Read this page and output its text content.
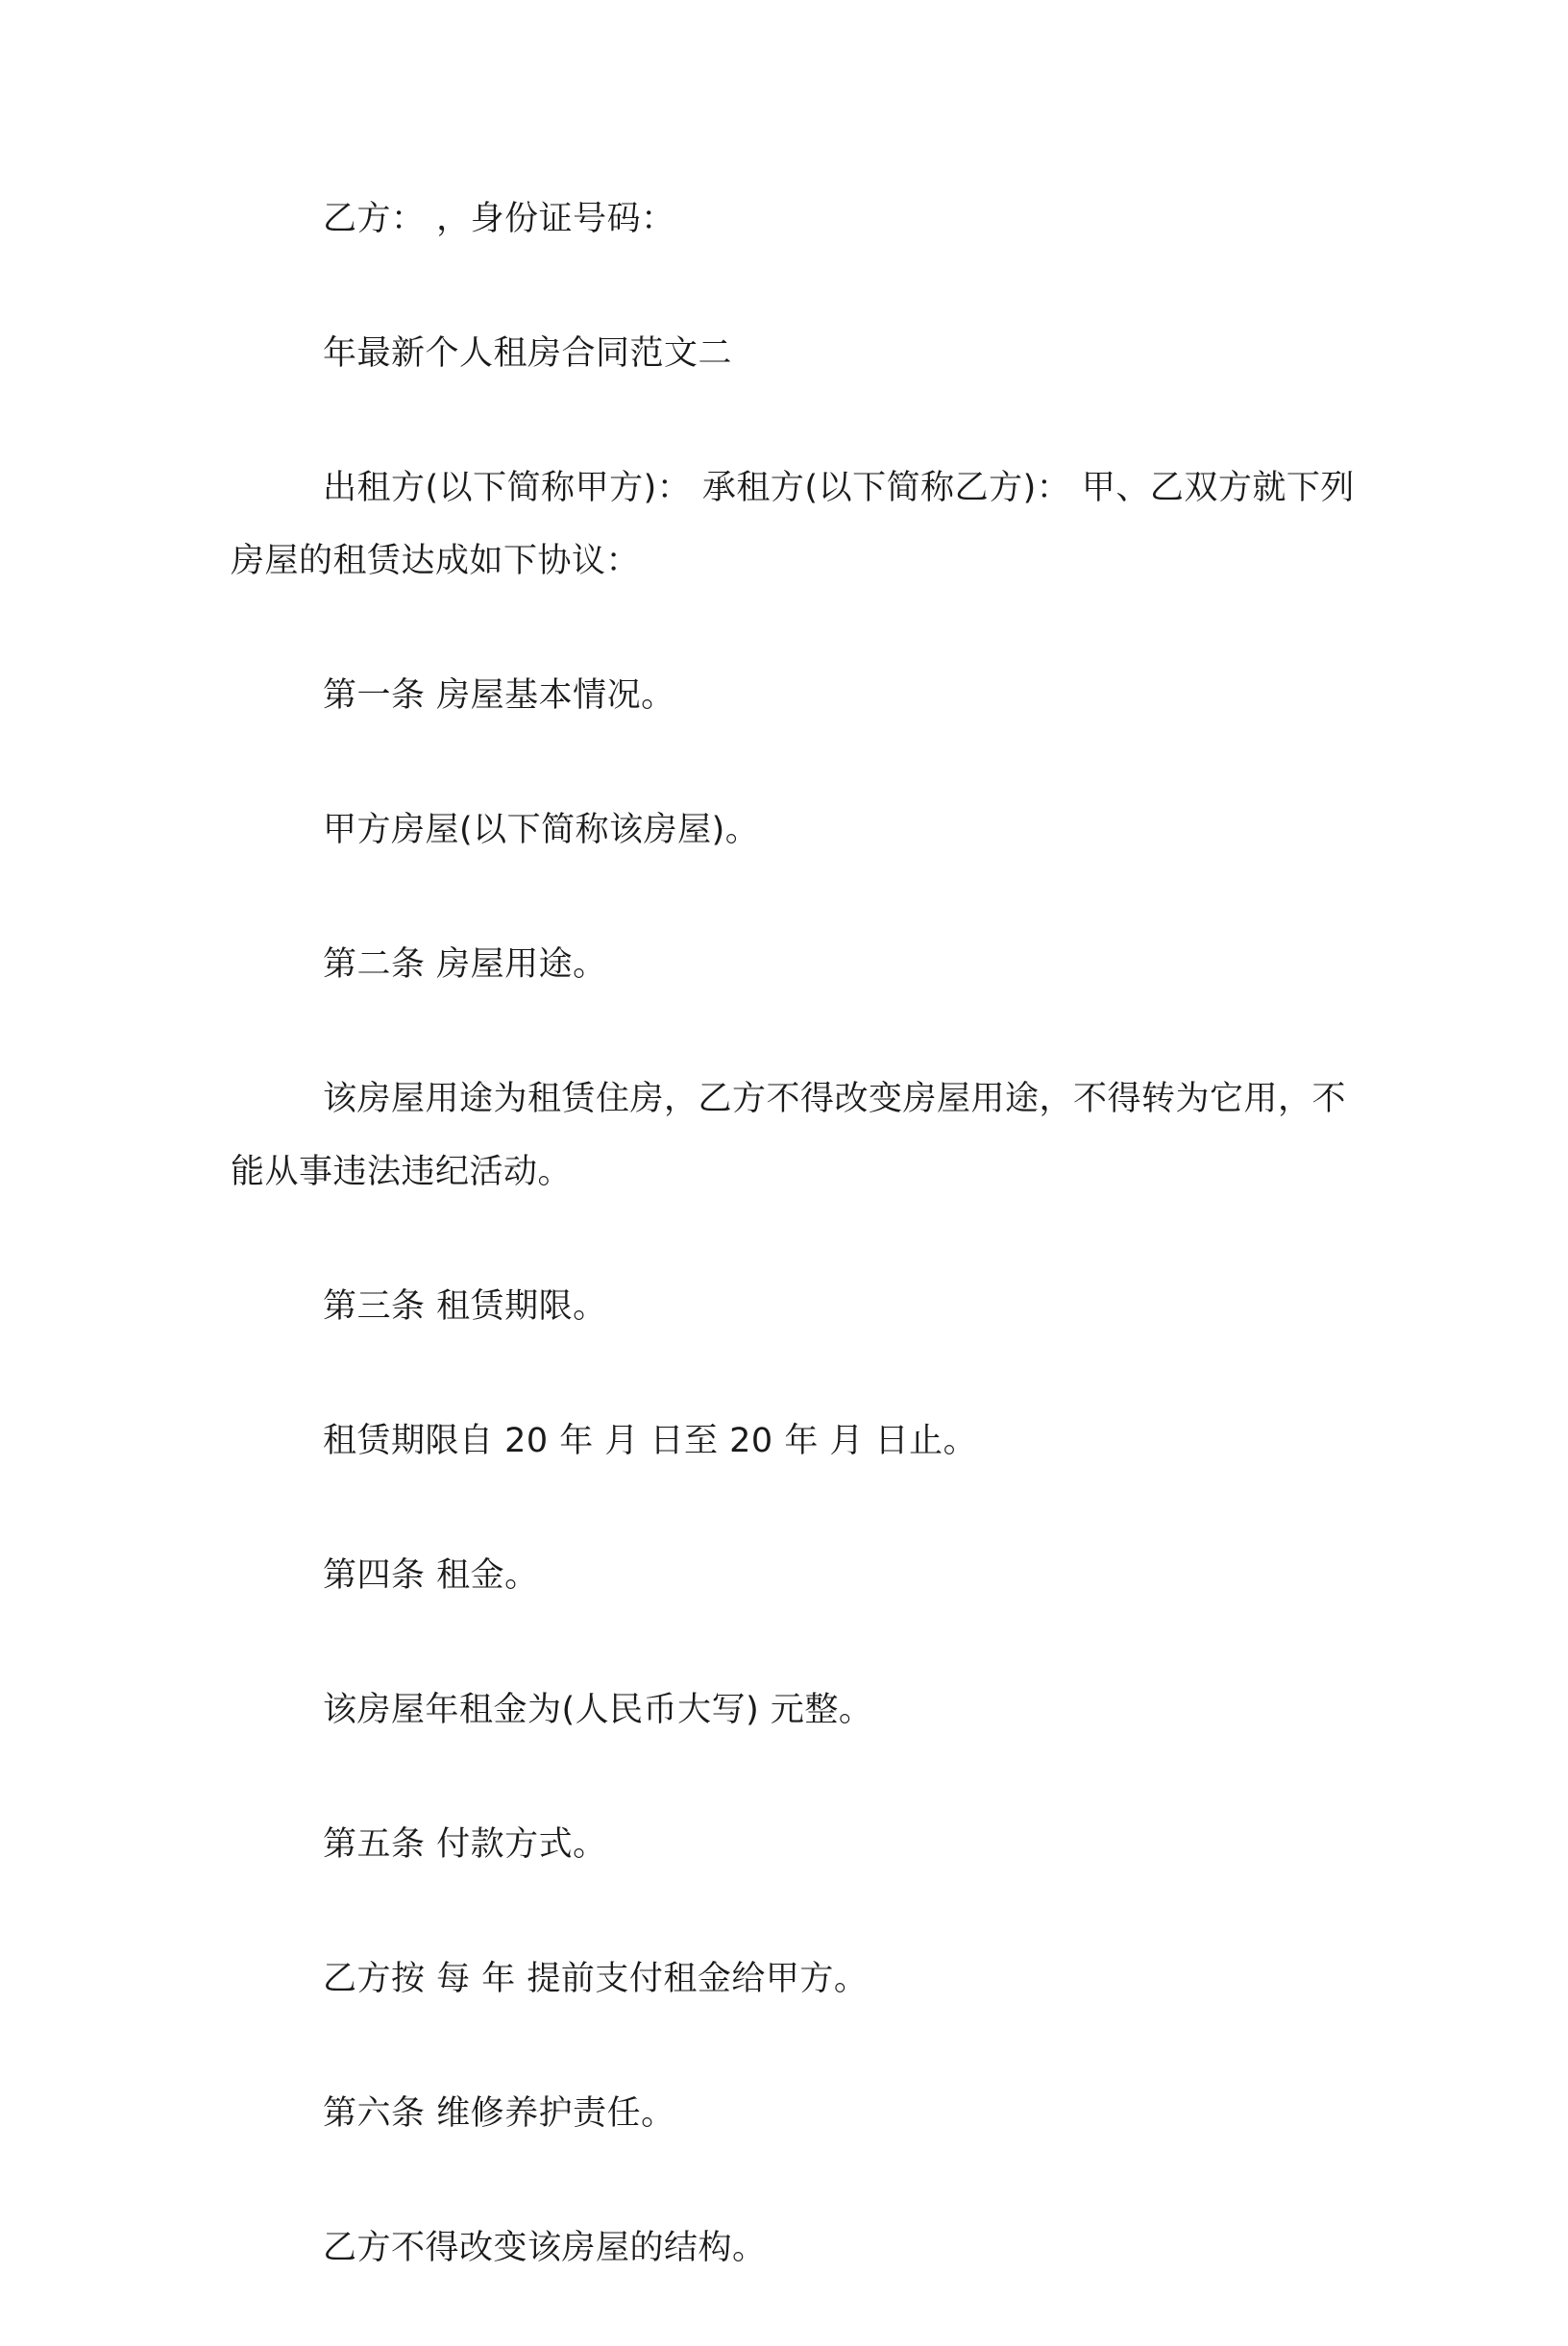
乙方： ，身份证号码：

年最新个人租房合同范文二

出租方(以下简称甲方)： 承租方(以下简称乙方)： 甲、乙双方就下列房屋的租赁达成如下协议：

第一条 房屋基本情况。

甲方房屋(以下简称该房屋)。

第二条 房屋用途。

该房屋用途为租赁住房，乙方不得改变房屋用途，不得转为它用，不能从事违法违纪活动。

第三条 租赁期限。

租赁期限自 20 年 月 日至 20 年 月 日止。

第四条 租金。

该房屋年租金为(人民币大写) 元整。

第五条 付款方式。

乙方按 每 年 提前支付租金给甲方。

第六条 维修养护责任。

乙方不得改变该房屋的结构。
